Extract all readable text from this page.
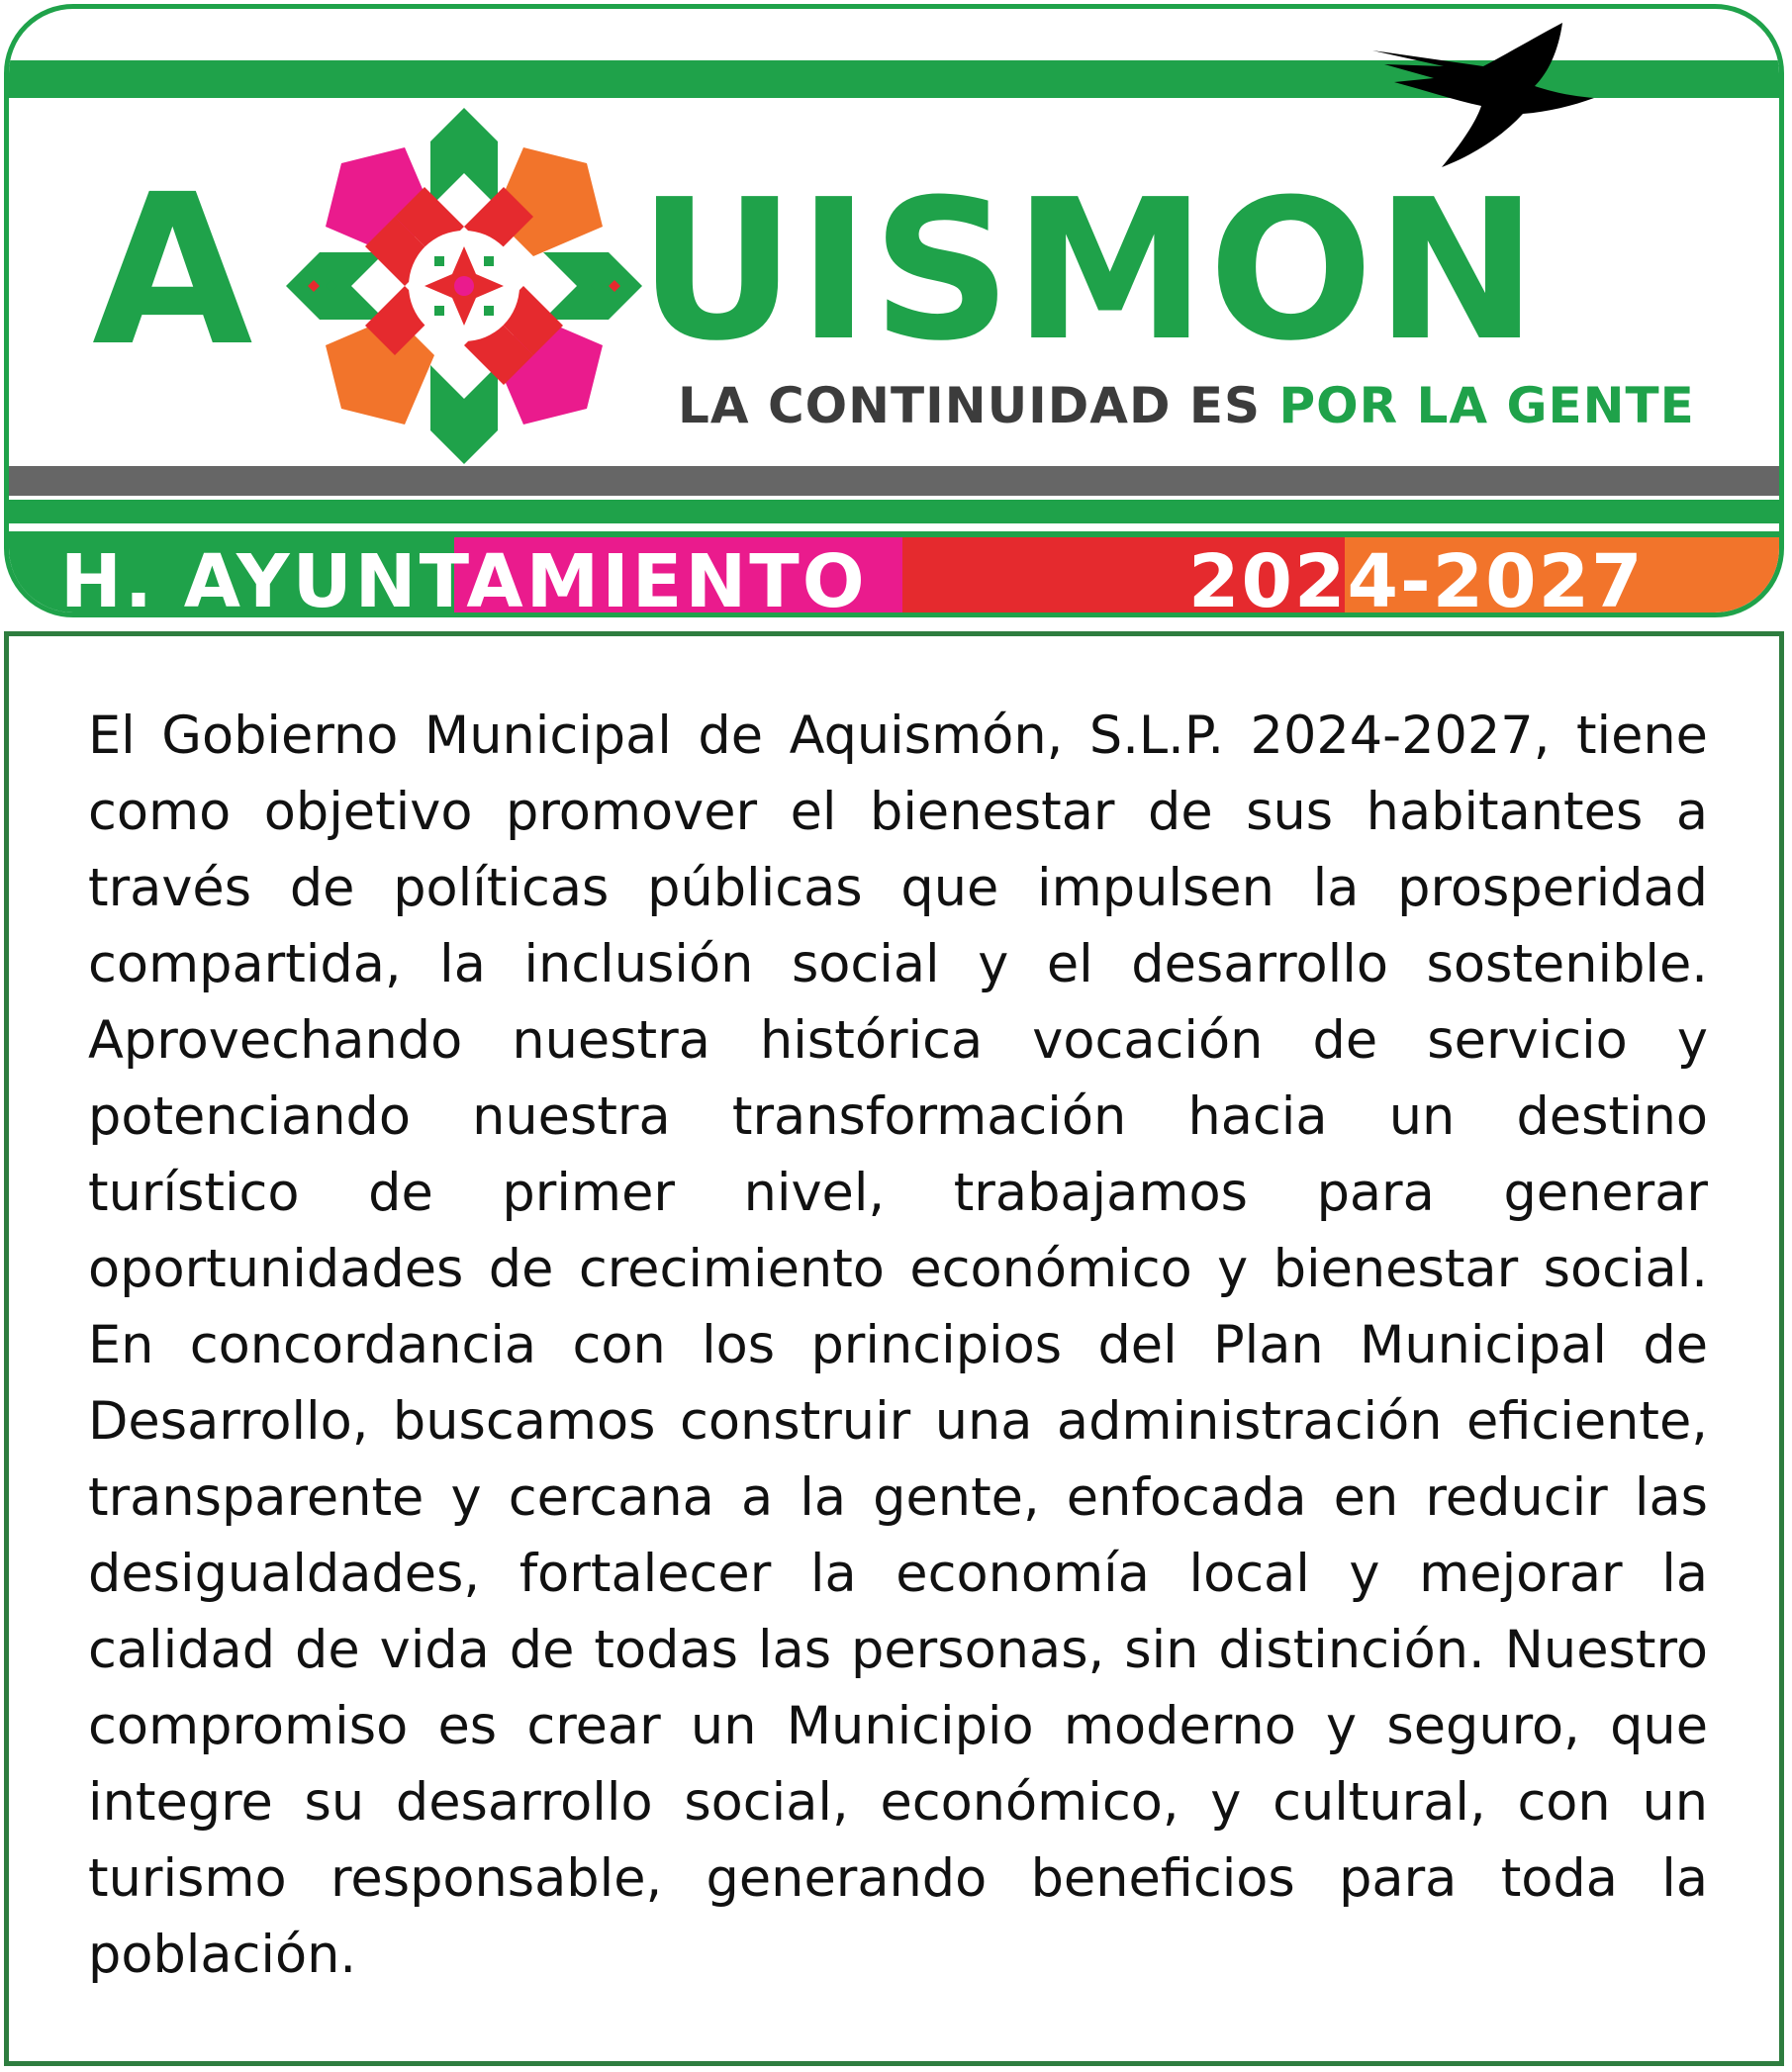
A UISMON
LA CONTINUIDAD ES POR LA GENTE
H. AYUNTAMIENTO	2024-2027

El Gobierno Municipal de Aquismón, S.L.P. 2024-2027, tiene como objetivo promover el bienestar de sus habitantes a través de políticas públicas que impulsen la prosperidad compartida, la inclusión social y el desarrollo sostenible. Aprovechando nuestra histórica vocación de servicio y potenciando nuestra transformación hacia un destino turístico de primer nivel, trabajamos para generar oportunidades de crecimiento económico y bienestar social. En concordancia con los principios del Plan Municipal de Desarrollo, buscamos construir una administración eficiente, transparente y cercana a la gente, enfocada en reducir las desigualdades, fortalecer la economía local y mejorar la calidad de vida de todas las personas, sin distinción. Nuestro compromiso es crear un Municipio moderno y seguro, que integre su desarrollo social, económico, y cultural, con un turismo responsable, generando beneficios para toda la población.
